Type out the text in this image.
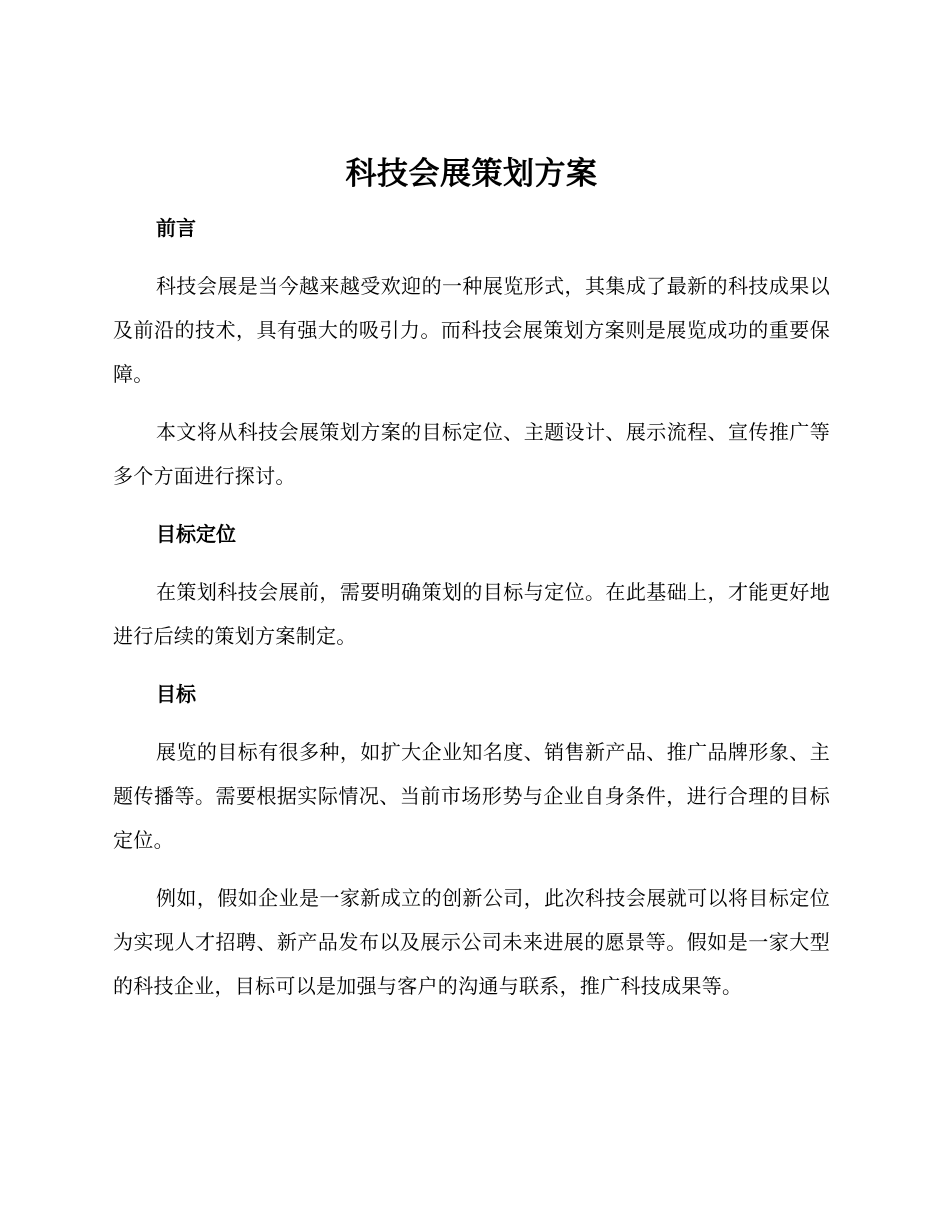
科技会展策划方案
前言

科技会展是当今越来越受欢迎的一种展览形式，其集成了最新的科技成果以及前沿的技术，具有强大的吸引力。而科技会展策划方案则是展览成功的重要保障。

本文将从科技会展策划方案的目标定位、主题设计、展示流程、宣传推广等多个方面进行探讨。

目标定位

在策划科技会展前，需要明确策划的目标与定位。在此基础上，才能更好地进行后续的策划方案制定。

目标

展览的目标有很多种，如扩大企业知名度、销售新产品、推广品牌形象、主题传播等。需要根据实际情况、当前市场形势与企业自身条件，进行合理的目标定位。

例如，假如企业是一家新成立的创新公司，此次科技会展就可以将目标定位为实现人才招聘、新产品发布以及展示公司未来进展的愿景等。假如是一家大型的科技企业，目标可以是加强与客户的沟通与联系，推广科技成果等。
